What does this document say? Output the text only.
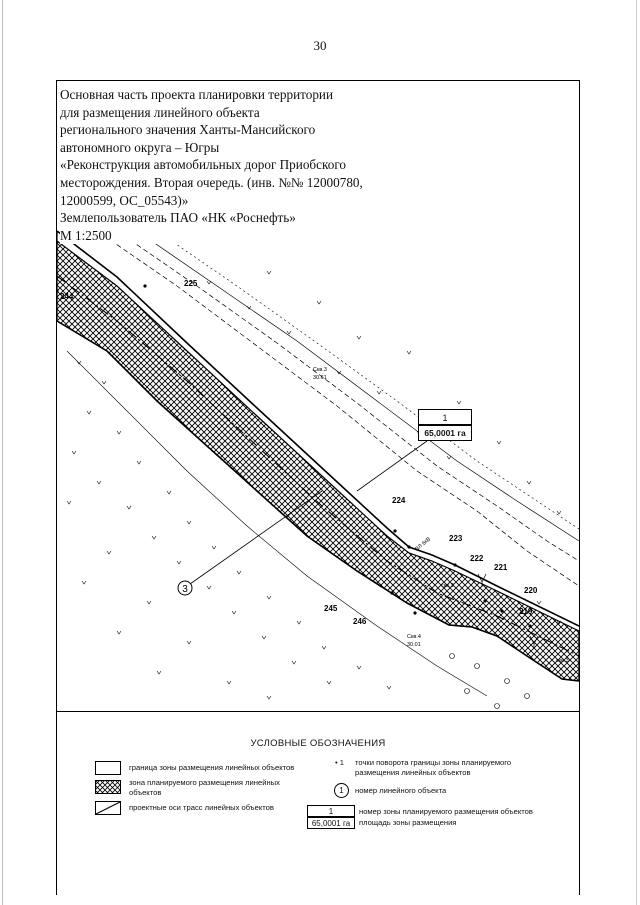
30
3
225
244
224
223
222
221
220
219
245
246
Скв.3
30.61
Скв.4
30.01
ВЛ 6кВ
скв.3
скв.3
1
65,0001 га
Основная часть проекта планировки территории
для размещения линейного объекта
регионального значения Ханты-Мансийского
автономного округа – Югры
«Реконструкция автомобильных дорог Приобского
месторождения. Вторая очередь. (инв. №№ 12000780,
12000599, ОС_05543)»
Землепользователь ПАО «НК «Роснефть»
М 1:2500
УСЛОВНЫЕ ОБОЗНАЧЕНИЯ
граница зоны размещения линейных объектов
зона планируемого размещения линейных
объектов
проектные оси трасс линейных объектов
• 1 точки поворота границы зоны планируемого
размещения линейных объектов
1	номер линейного объекта
1
65,0001 га
номер зоны планируемого размещения объектов
площадь зоны размещения
